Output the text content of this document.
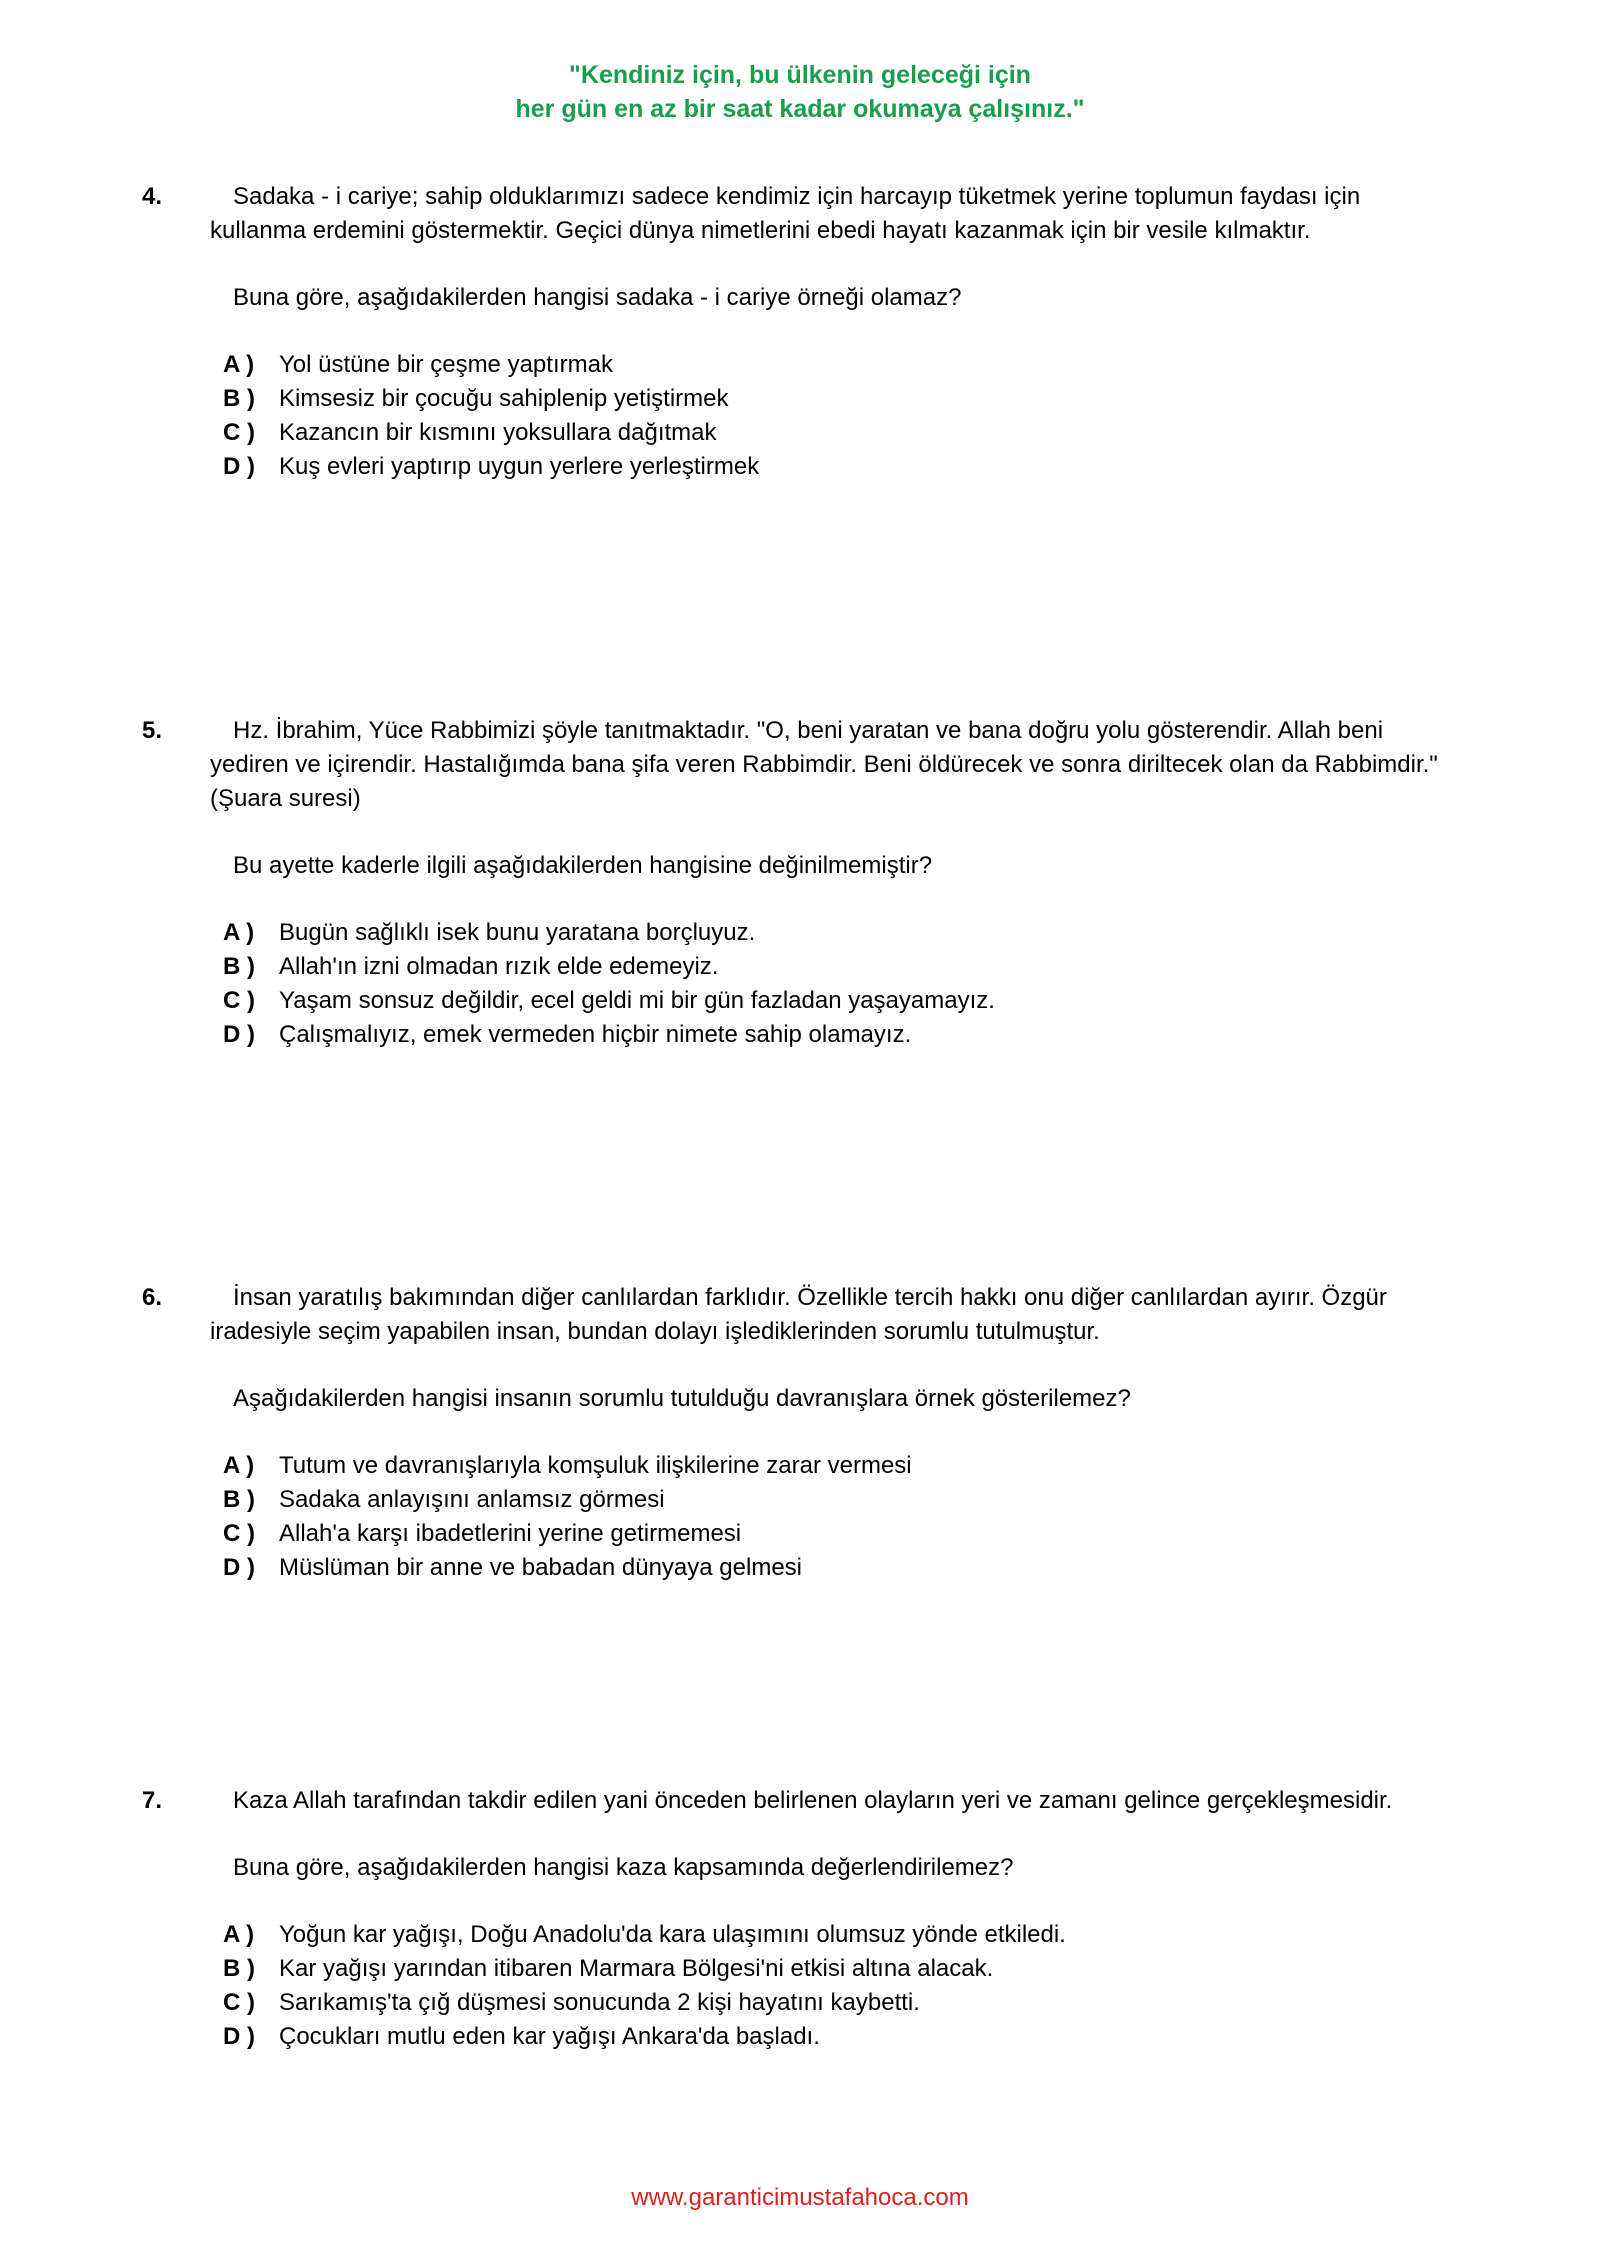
"Kendiniz için, bu ülkenin geleceği için
her gün en az bir saat kadar okumaya çalışınız."
4.	Sadaka - i cariye; sahip olduklarımızı sadece kendimiz için harcayıp tüketmek yerine toplumun faydası için kullanma erdemini göstermektir. Geçici dünya nimetlerini ebedi hayatı kazanmak için bir vesile kılmaktır.

Buna göre, aşağıdakilerden hangisi sadaka - i cariye örneği olamaz?
A )	Yol üstüne bir çeşme yaptırmak
B )	Kimsesiz bir çocuğu sahiplenip yetiştirmek
C )	Kazancın bir kısmını yoksullara dağıtmak
D )	Kuş evleri yaptırıp uygun yerlere yerleştirmek
5.	Hz. İbrahim, Yüce Rabbimizi şöyle tanıtmaktadır. "O, beni yaratan ve bana doğru yolu gösterendir. Allah beni yediren ve içirendir. Hastalığımda bana şifa veren Rabbimdir. Beni öldürecek ve sonra diriltecek olan da Rabbimdir." (Şuara suresi)

Bu ayette kaderle ilgili aşağıdakilerden hangisine değinilmemiştir?
A )	Bugün sağlıklı isek bunu yaratana borçluyuz.
B )	Allah'ın izni olmadan rızık elde edemeyiz.
C )	Yaşam sonsuz değildir, ecel geldi mi bir gün fazladan yaşayamayız.
D )	Çalışmalıyız, emek vermeden hiçbir nimete sahip olamayız.
6.	İnsan yaratılış bakımından diğer canlılardan farklıdır. Özellikle tercih hakkı onu diğer canlılardan ayırır. Özgür iradesiyle seçim yapabilen insan, bundan dolayı işlediklerinden sorumlu tutulmuştur.

Aşağıdakilerden hangisi insanın sorumlu tutulduğu davranışlara örnek gösterilemez?
A )	Tutum ve davranışlarıyla komşuluk ilişkilerine zarar vermesi
B )	Sadaka anlayışını anlamsız görmesi
C )	Allah'a karşı ibadetlerini yerine getirmemesi
D )	Müslüman bir anne ve babadan dünyaya gelmesi
7.	Kaza Allah tarafından takdir edilen yani önceden belirlenen olayların yeri ve zamanı gelince gerçekleşmesidir.

Buna göre, aşağıdakilerden hangisi kaza kapsamında değerlendirilemez?
A )	Yoğun kar yağışı, Doğu Anadolu'da kara ulaşımını olumsuz yönde etkiledi.
B )	Kar yağışı yarından itibaren Marmara Bölgesi'ni etkisi altına alacak.
C )	Sarıkamış'ta çığ düşmesi sonucunda 2 kişi hayatını kaybetti.
D )	Çocukları mutlu eden kar yağışı Ankara'da başladı.
www.garanticimustafahoca.com
